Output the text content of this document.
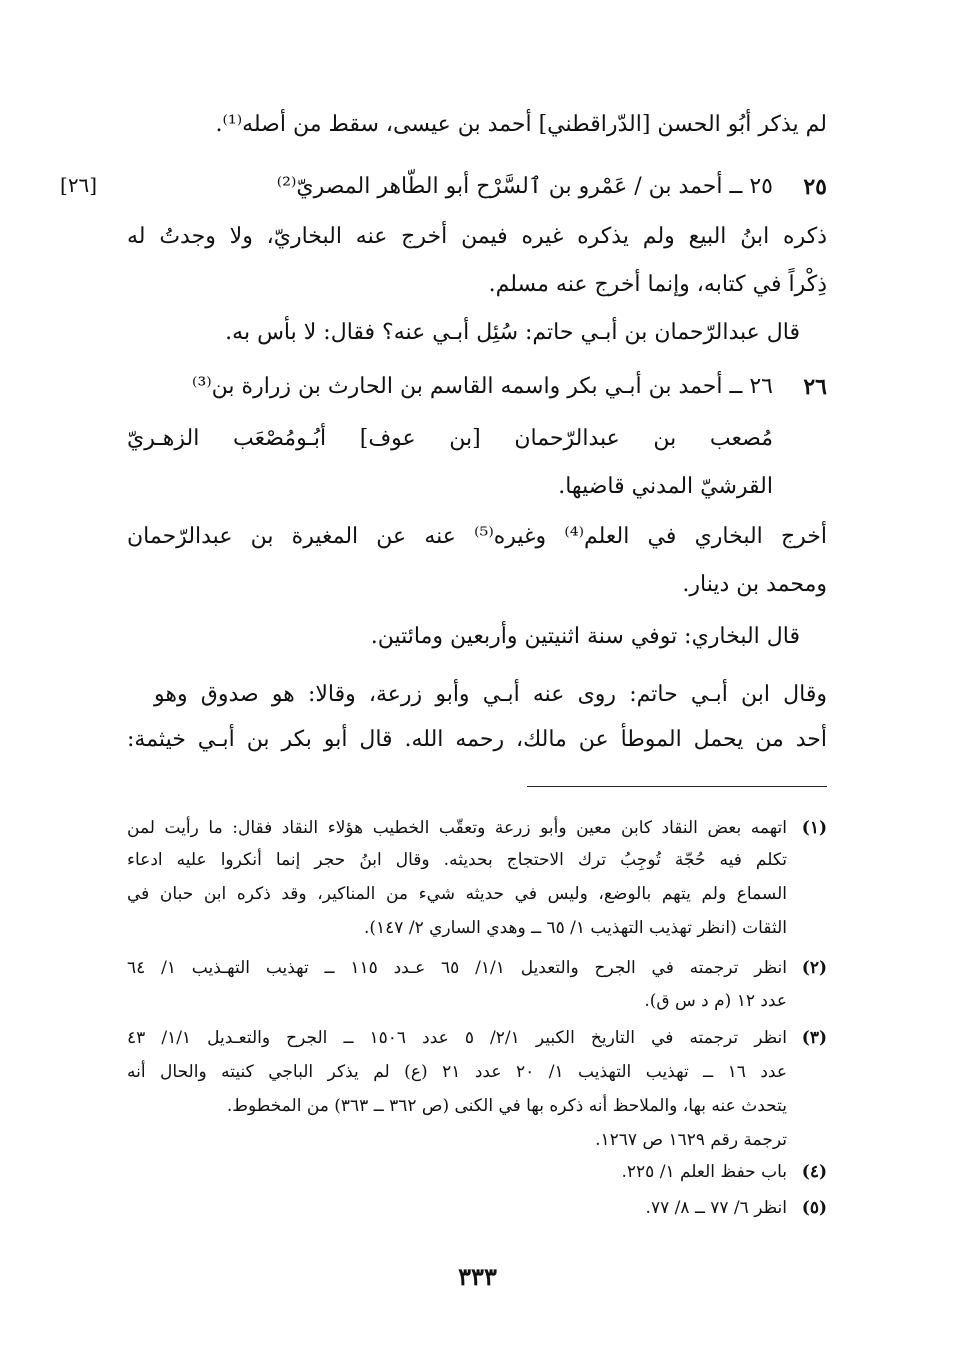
لم يذكر أبُو الحسن [الدّراقطني] أحمد بن عيسى، سقط من أصله⁽¹⁾.
٢٥
٢٥ ــ أحمد بن / عَمْرو بن ٱلسَّرْح أبو الطّاهر المصريّ⁽²⁾
[٢٦]
ذكره ابنُ البيع ولم يذكره غيره فيمن أخرج عنه البخاريّ، ولا وجدتُ له
ذِكْراً في كتابه، وإنما أخرج عنه مسلم.
قال عبدالرّحمان بن أبـي حاتم: سُئِل أبـي عنه؟ فقال: لا بأس به.
٢٦
٢٦ ــ أحمد بن أبـي بكر واسمه القاسم بن الحارث بن زرارة بن⁽³⁾
مُصعب بن عبدالرّحمان [بن عوف] أبُـومُصْعَب الزهـريّ
القرشيّ المدني قاضيها.
أخرج البخاري في العلم⁽⁴⁾ وغيره⁽⁵⁾ عنه عن المغيرة بن عبدالرّحمان
ومحمد بن دينار.
قال البخاري: توفي سنة اثنيتين وأربعين ومائتين.
وقال ابن أبـي حاتم: روى عنه أبـي وأبو زرعة، وقالا: هو صدوق وهو
أحد من يحمل الموطأ عن مالك، رحمه الله. قال أبو بكر بن أبـي خيثمة:
(١)
اتهمه بعض النقاد كابن معين وأبو زرعة وتعقّب الخطيب هؤلاء النقاد فقال: ما رأيت لمن
تكلم فيه حُجّة تُوجِبُ ترك الاحتجاج بحديثه. وقال ابنُ حجر إنما أنكروا عليه ادعاء
السماع ولم يتهم بالوضع، وليس في حديثه شيء من المناكير، وقد ذكره ابن حبان في
الثقات (انظر تهذيب التهذيب ١/ ٦٥ ــ وهدي الساري ٢/ ١٤٧).
(٢)
انظر ترجمته في الجرح والتعديل ١/١/ ٦٥ عـدد ١١٥ ــ تهذيب التهـذيب ١/ ٦٤
عدد ١٢ (م د س ق).
(٣)
انظر ترجمته في التاريخ الكبير ٢/١/ ٥ عدد ١٥٠٦ ــ الجرح والتعـديل ١/١/ ٤٣
عدد ١٦ ــ تهذيب التهذيب ١/ ٢٠ عدد ٢١ (ع) لم يذكر الباجي كنيته والحال أنه
يتحدث عنه بها، والملاحظ أنه ذكره بها في الكنى (ص ٣٦٢ ــ ٣٦٣) من المخطوط.
ترجمة رقم ١٦٢٩ ص ١٢٦٧.
(٤)
باب حفظ العلم ١/ ٢٢٥.
(٥)
انظر ٦/ ٧٧ ــ ٨/ ٧٧.
٣٣٣
